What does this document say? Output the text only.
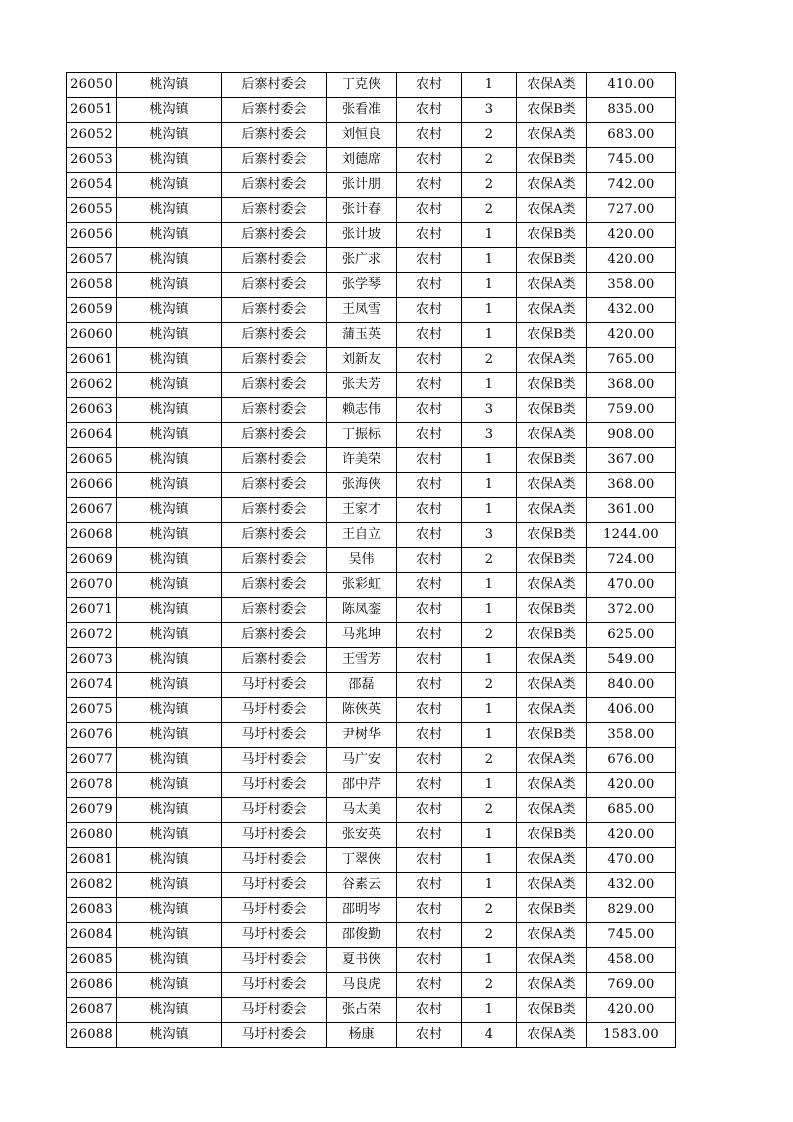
26050	桃沟镇	后寨村委会	丁克俠	农村	1	农保A类	410.00
26051	桃沟镇	后寨村委会	张看准	农村	3	农保B类	835.00
26052	桃沟镇	后寨村委会	刘恒良	农村	2	农保A类	683.00
26053	桃沟镇	后寨村委会	刘德席	农村	2	农保B类	745.00
26054	桃沟镇	后寨村委会	张计朋	农村	2	农保A类	742.00
26055	桃沟镇	后寨村委会	张计春	农村	2	农保A类	727.00
26056	桃沟镇	后寨村委会	张计坡	农村	1	农保B类	420.00
26057	桃沟镇	后寨村委会	张广求	农村	1	农保B类	420.00
26058	桃沟镇	后寨村委会	张学琴	农村	1	农保A类	358.00
26059	桃沟镇	后寨村委会	王凤雪	农村	1	农保A类	432.00
26060	桃沟镇	后寨村委会	蒲玉英	农村	1	农保B类	420.00
26061	桃沟镇	后寨村委会	刘新友	农村	2	农保A类	765.00
26062	桃沟镇	后寨村委会	张夫芳	农村	1	农保B类	368.00
26063	桃沟镇	后寨村委会	赖志伟	农村	3	农保B类	759.00
26064	桃沟镇	后寨村委会	丁振标	农村	3	农保A类	908.00
26065	桃沟镇	后寨村委会	许美荣	农村	1	农保B类	367.00
26066	桃沟镇	后寨村委会	张海俠	农村	1	农保A类	368.00
26067	桃沟镇	后寨村委会	王家才	农村	1	农保A类	361.00
26068	桃沟镇	后寨村委会	王自立	农村	3	农保B类	1244.00
26069	桃沟镇	后寨村委会	吴伟	农村	2	农保B类	724.00
26070	桃沟镇	后寨村委会	张彩虹	农村	1	农保A类	470.00
26071	桃沟镇	后寨村委会	陈凤銮	农村	1	农保B类	372.00
26072	桃沟镇	后寨村委会	马兆坤	农村	2	农保B类	625.00
26073	桃沟镇	后寨村委会	王雪芳	农村	1	农保A类	549.00
26074	桃沟镇	马圩村委会	邵磊	农村	2	农保A类	840.00
26075	桃沟镇	马圩村委会	陈俠英	农村	1	农保A类	406.00
26076	桃沟镇	马圩村委会	尹树华	农村	1	农保B类	358.00
26077	桃沟镇	马圩村委会	马广安	农村	2	农保A类	676.00
26078	桃沟镇	马圩村委会	邵中芹	农村	1	农保A类	420.00
26079	桃沟镇	马圩村委会	马太美	农村	2	农保A类	685.00
26080	桃沟镇	马圩村委会	张安英	农村	1	农保B类	420.00
26081	桃沟镇	马圩村委会	丁翠俠	农村	1	农保A类	470.00
26082	桃沟镇	马圩村委会	谷素云	农村	1	农保A类	432.00
26083	桃沟镇	马圩村委会	邵明岑	农村	2	农保B类	829.00
26084	桃沟镇	马圩村委会	邵俊勤	农村	2	农保A类	745.00
26085	桃沟镇	马圩村委会	夏书俠	农村	1	农保A类	458.00
26086	桃沟镇	马圩村委会	马良虎	农村	2	农保A类	769.00
26087	桃沟镇	马圩村委会	张占荣	农村	1	农保B类	420.00
26088	桃沟镇	马圩村委会	杨康	农村	4	农保A类	1583.00
